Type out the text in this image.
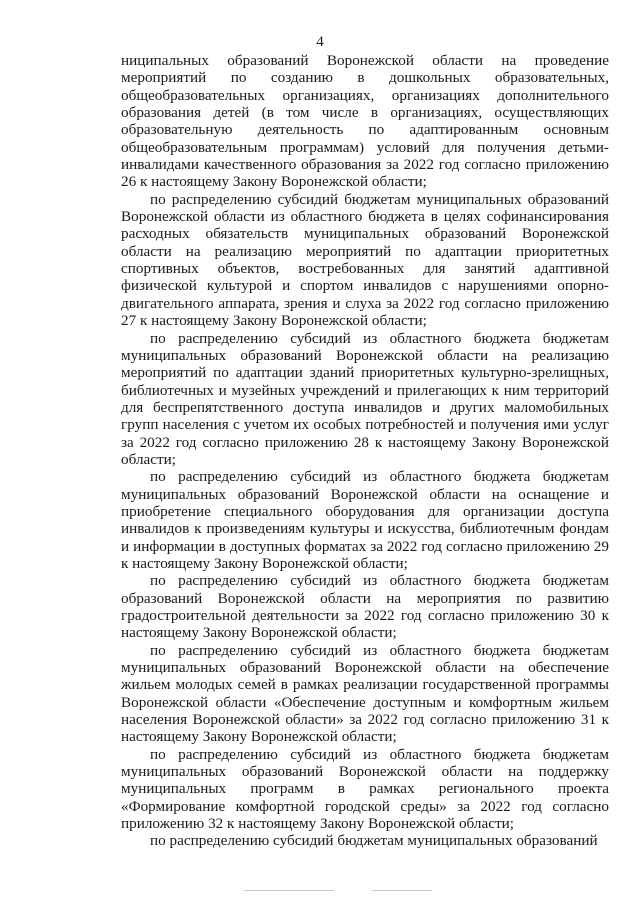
4

ниципальных образований Воронежской области на проведение мероприятий по созданию в дошкольных образовательных, общеобразовательных организациях, организациях дополнительного образования детей (в том числе в организациях, осуществляющих образовательную деятельность по адаптированным основным общеобразовательным программам) условий для получения детьми-инвалидами качественного образования за 2022 год согласно приложению 26 к настоящему Закону Воронежской области;

по распределению субсидий бюджетам муниципальных образований Воронежской области из областного бюджета в целях софинансирования расходных обязательств муниципальных образований Воронежской области на реализацию мероприятий по адаптации приоритетных спортивных объектов, востребованных для занятий адаптивной физической культурой и спортом инвалидов с нарушениями опорно-двигательного аппарата, зрения и слуха за 2022 год согласно приложению 27 к настоящему Закону Воронежской области;

по распределению субсидий из областного бюджета бюджетам муниципальных образований Воронежской области на реализацию мероприятий по адаптации зданий приоритетных культурно-зрелищных, библиотечных и музейных учреждений и прилегающих к ним территорий для беспрепятственного доступа инвалидов и других маломобильных групп населения с учетом их особых потребностей и получения ими услуг за 2022 год согласно приложению 28 к настоящему Закону Воронежской области;

по распределению субсидий из областного бюджета бюджетам муниципальных образований Воронежской области на оснащение и приобретение специального оборудования для организации доступа инвалидов к произведениям культуры и искусства, библиотечным фондам и информации в доступных форматах за 2022 год согласно приложению 29 к настоящему Закону Воронежской области;

по распределению субсидий из областного бюджета бюджетам образований Воронежской области на мероприятия по развитию градостроительной деятельности за 2022 год согласно приложению 30 к настоящему Закону Воронежской области;

по распределению субсидий из областного бюджета бюджетам муниципальных образований Воронежской области на обеспечение жильем молодых семей в рамках реализации государственной программы Воронежской области «Обеспечение доступным и комфортным жильем населения Воронежской области» за 2022 год согласно приложению 31 к настоящему Закону Воронежской области;

по распределению субсидий из областного бюджета бюджетам муниципальных образований Воронежской области на поддержку муниципальных программ в рамках регионального проекта «Формирование комфортной городской среды» за 2022 год согласно приложению 32 к настоящему Закону Воронежской области;

по распределению субсидий бюджетам муниципальных образований
